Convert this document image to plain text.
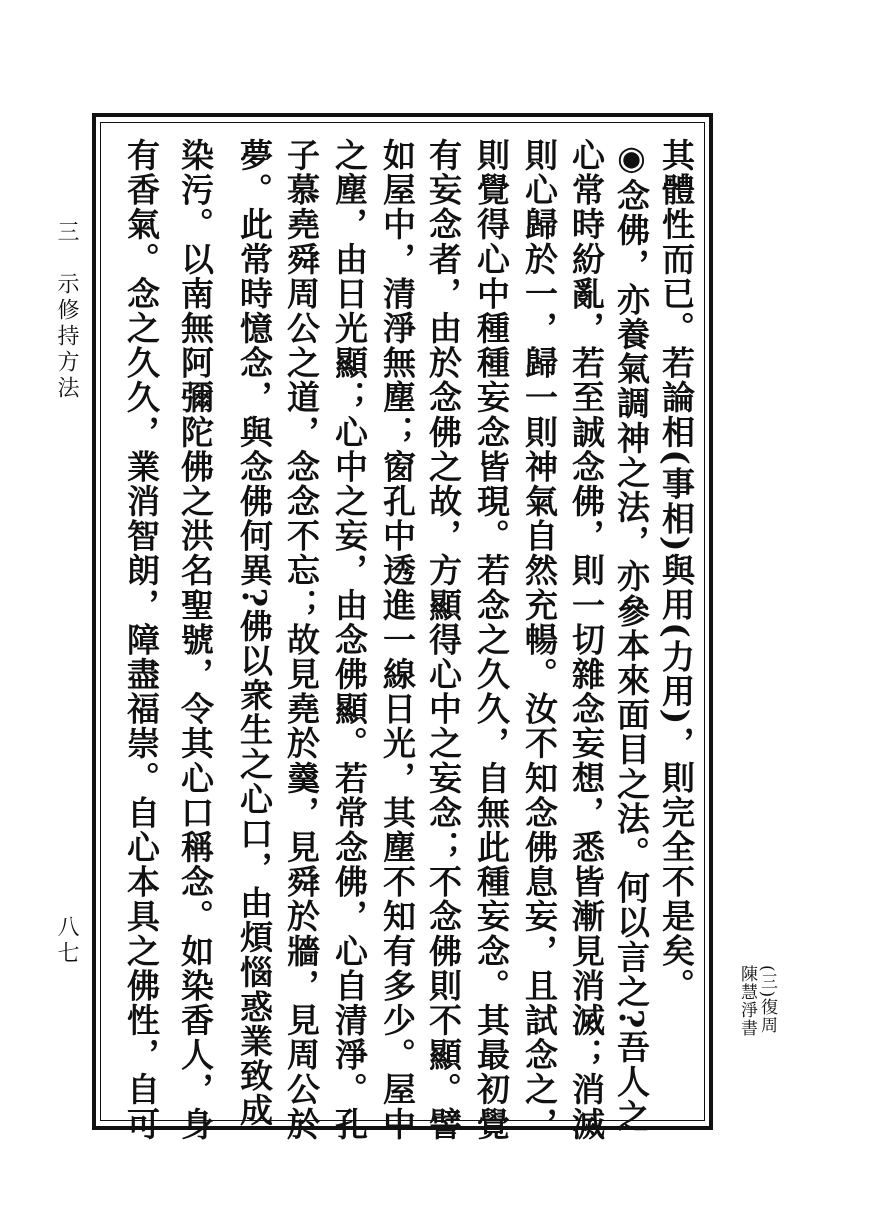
三　示修持方法
八七
(三)復周
陳慧淨書
◉念佛，亦養氣調神之法，亦參本來面目之法。何以言之?吾人之
心常時紛亂，若至誠念佛，則一切雜念妄想，悉皆漸見消滅；消滅
則心歸於一，歸一則神氣自然充暢。汝不知念佛息妄，且試念之，
則覺得心中種種妄念皆現。若念之久久，自無此種妄念。其最初覺
有妄念者，由於念佛之故，方顯得心中之妄念；不念佛則不顯。譬
如屋中，清淨無塵；窗孔中透進一線日光，其塵不知有多少。屋中
之塵，由日光顯；心中之妄，由念佛顯。若常念佛，心自清淨。孔
子慕堯舜周公之道，念念不忘；故見堯於羹，見舜於牆，見周公於
夢。此常時憶念，與念佛何異?佛以衆生之心口，由煩惱惑業致成
染污。以南無阿彌陀佛之洪名聖號，令其心口稱念。如染香人，身
有香氣。念之久久，業消智朗，障盡福崇。自心本具之佛性，自可	其體性而已。若論相(事相)與用(力用)，則完全不是矣。
